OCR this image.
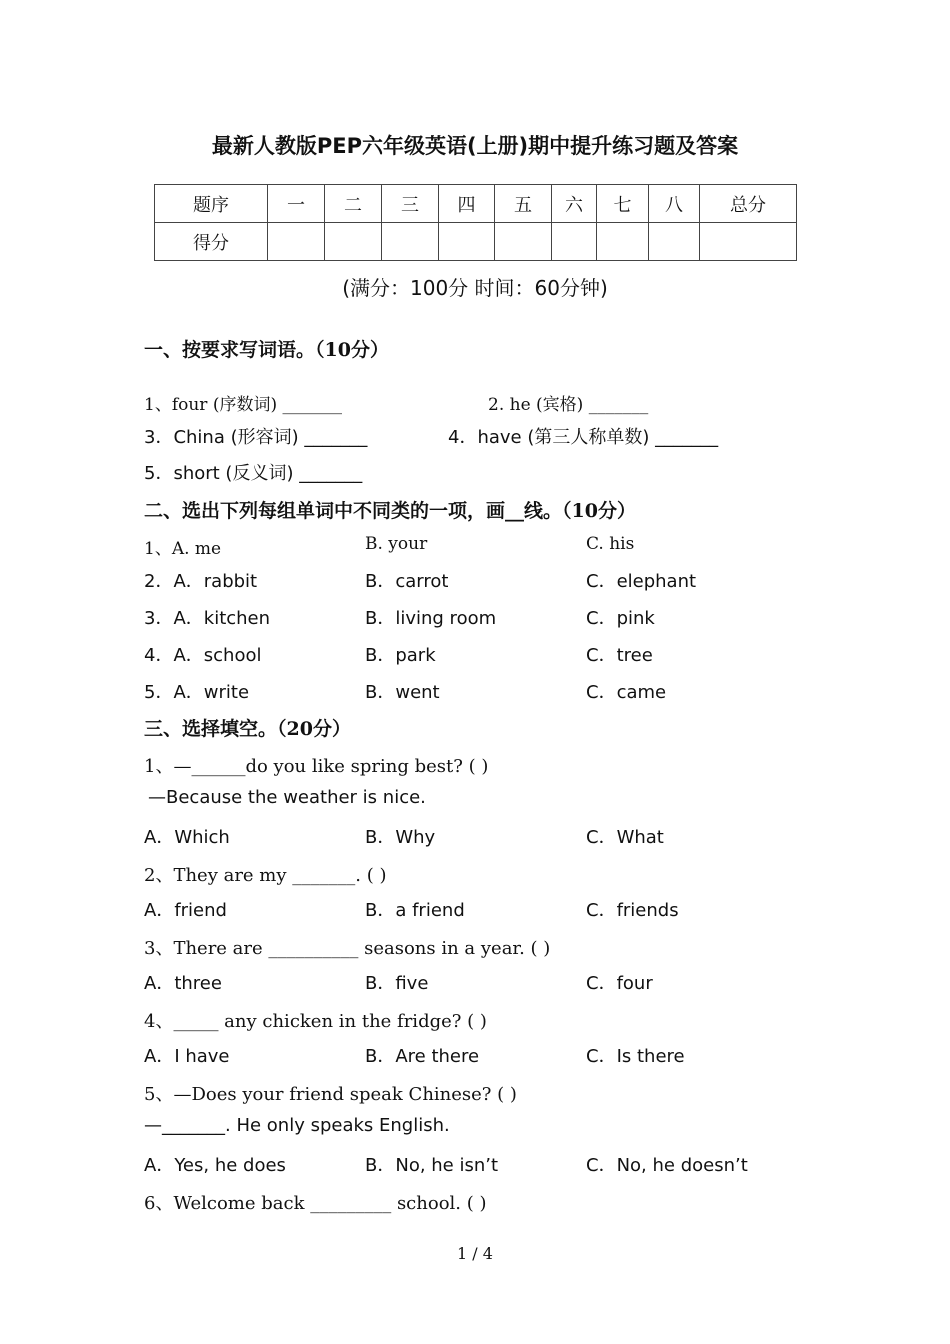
最新人教版PEP六年级英语(上册)期中提升练习题及答案
题序	一	二	三	四	五	六	七	八	总分
得分									
(满分：100分 时间：60分钟)
一、按要求写词语。（10分）
1、four (序数词) _______	2. he (宾格) _______
3．China (形容词) _______	4．have (第三人称单数) _______
5．short (反义词) _______
二、选出下列每组单词中不同类的一项，画__线。（10分）
1、A. me	B. your	C. his
2．A．rabbit	B．carrot	C．elephant
3．A．kitchen	B．living room	C．pink
4．A．school	B．park	C．tree
5．A．write	B．went	C．came
三、选择填空。（20分）
1、—______do you like spring best? ( )
—Because the weather is nice.
A．Which	B．Why	C．What
2、They are my _______. ( )
A．friend	B．a friend	C．friends
3、There are __________ seasons in a year. ( )
A．three	B．five	C．four
4、_____ any chicken in the fridge? ( )
A．I have	B．Are there	C．Is there
5、—Does your friend speak Chinese? ( )
—_______. He only speaks English.
A．Yes, he does	B．No, he isn’t	C．No, he doesn’t
6、Welcome back _________ school. ( )
1 / 4
